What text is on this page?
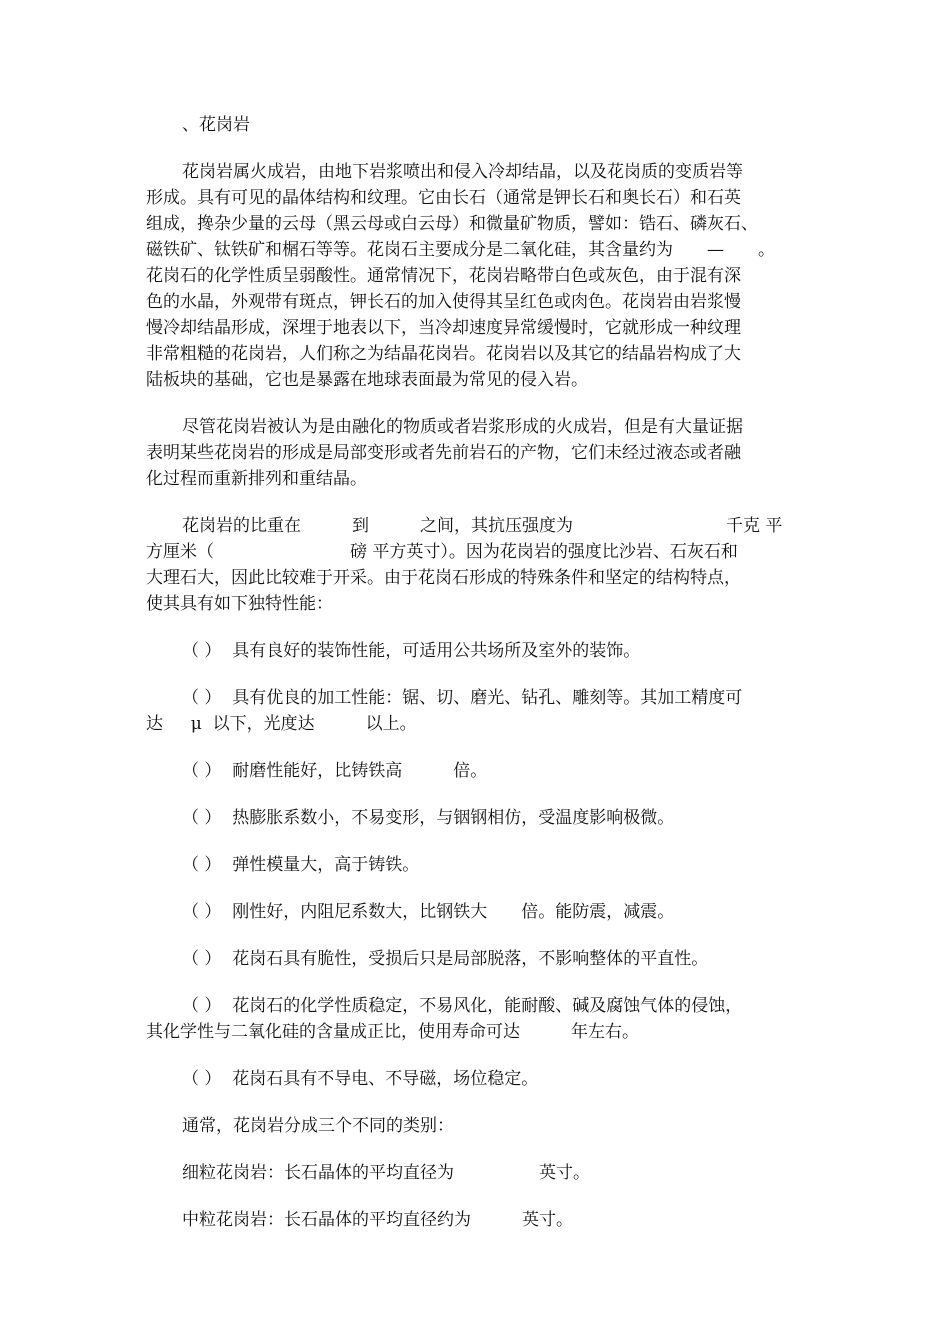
、花岗岩

花岗岩属火成岩，由地下岩浆喷出和侵入冷却结晶，以及花岗质的变质岩等

形成。具有可见的晶体结构和纹理。它由长石（通常是钾长石和奥长石）和石英

组成，搀杂少量的云母（黑云母或白云母）和微量矿物质，譬如：锆石、磷灰石、

磁铁矿、钛铁矿和榍石等等。花岗石主要成分是二氧化硅，其含量约为　　—　　。

花岗石的化学性质呈弱酸性。通常情况下，花岗岩略带白色或灰色，由于混有深

色的水晶，外观带有斑点，钾长石的加入使得其呈红色或肉色。花岗岩由岩浆慢

慢冷却结晶形成，深埋于地表以下，当冷却速度异常缓慢时，它就形成一种纹理

非常粗糙的花岗岩，人们称之为结晶花岗岩。花岗岩以及其它的结晶岩构成了大

陆板块的基础，它也是暴露在地球表面最为常见的侵入岩。

尽管花岗岩被认为是由融化的物质或者岩浆形成的火成岩，但是有大量证据

表明某些花岗岩的形成是局部变形或者先前岩石的产物，它们未经过液态或者融

化过程而重新排列和重结晶。

花岗岩的比重在　　　到　　　之间，其抗压强度为　　　　　　　　　千克 平

方厘米（　　　　　　　　磅 平方英寸）。因为花岗岩的强度比沙岩、石灰石和

大理石大，因此比较难于开采。由于花岗石形成的特殊条件和坚定的结构特点，

使其具有如下独特性能：

（ ）  具有良好的装饰性能，可适用公共场所及室外的装饰。

（ ）  具有优良的加工性能：锯、切、磨光、钻孔、雕刻等。其加工精度可

达　  μ  以下，光度达　　　以上。

（ ）  耐磨性能好，比铸铁高　　　倍。

（ ）  热膨胀系数小，不易变形，与铟钢相仿，受温度影响极微。

（ ）  弹性模量大，高于铸铁。

（ ）  刚性好，内阻尼系数大，比钢铁大　　倍。能防震，减震。

（ ）  花岗石具有脆性，受损后只是局部脱落，不影响整体的平直性。

（ ）  花岗石的化学性质稳定，不易风化，能耐酸、碱及腐蚀气体的侵蚀，

其化学性与二氧化硅的含量成正比，使用寿命可达　　　年左右。

（ ）  花岗石具有不导电、不导磁，场位稳定。

通常，花岗岩分成三个不同的类别：

细粒花岗岩：长石晶体的平均直径为　　　　　英寸。

中粒花岗岩：长石晶体的平均直径约为　　　英寸。
